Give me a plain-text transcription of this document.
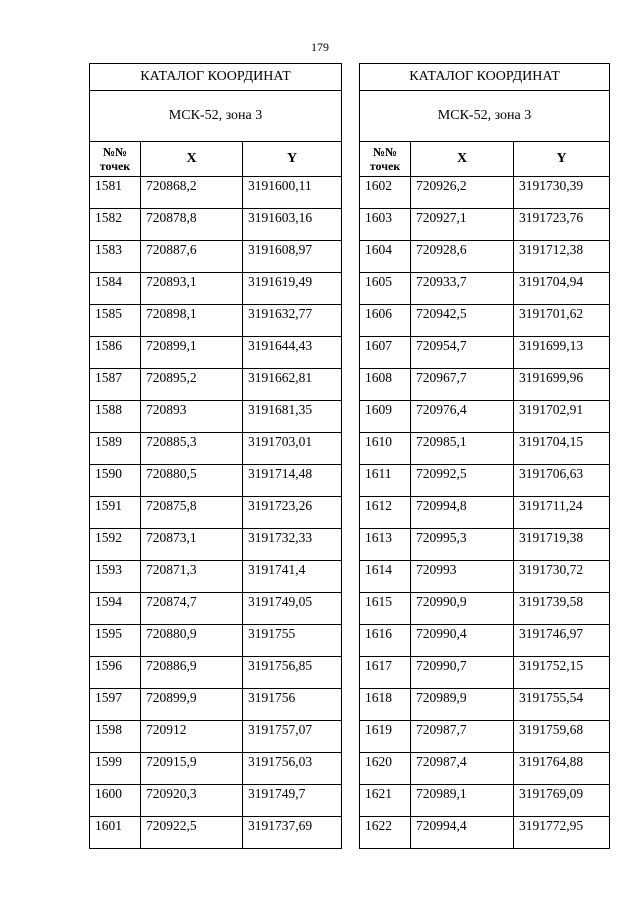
179
КАТАЛОГ КООРДИНАТ		
МСК-52, зона 3		
№№
точек	X	Y
1581	720868,2	3191600,11
1582	720878,8	3191603,16
1583	720887,6	3191608,97
1584	720893,1	3191619,49
1585	720898,1	3191632,77
1586	720899,1	3191644,43
1587	720895,2	3191662,81
1588	720893	3191681,35
1589	720885,3	3191703,01
1590	720880,5	3191714,48
1591	720875,8	3191723,26
1592	720873,1	3191732,33
1593	720871,3	3191741,4
1594	720874,7	3191749,05
1595	720880,9	3191755
1596	720886,9	3191756,85
1597	720899,9	3191756
1598	720912	3191757,07
1599	720915,9	3191756,03
1600	720920,3	3191749,7
1601	720922,5	3191737,69
КАТАЛОГ КООРДИНАТ		
МСК-52, зона 3		
№№
точек	X	Y
1602	720926,2	3191730,39
1603	720927,1	3191723,76
1604	720928,6	3191712,38
1605	720933,7	3191704,94
1606	720942,5	3191701,62
1607	720954,7	3191699,13
1608	720967,7	3191699,96
1609	720976,4	3191702,91
1610	720985,1	3191704,15
1611	720992,5	3191706,63
1612	720994,8	3191711,24
1613	720995,3	3191719,38
1614	720993	3191730,72
1615	720990,9	3191739,58
1616	720990,4	3191746,97
1617	720990,7	3191752,15
1618	720989,9	3191755,54
1619	720987,7	3191759,68
1620	720987,4	3191764,88
1621	720989,1	3191769,09
1622	720994,4	3191772,95
